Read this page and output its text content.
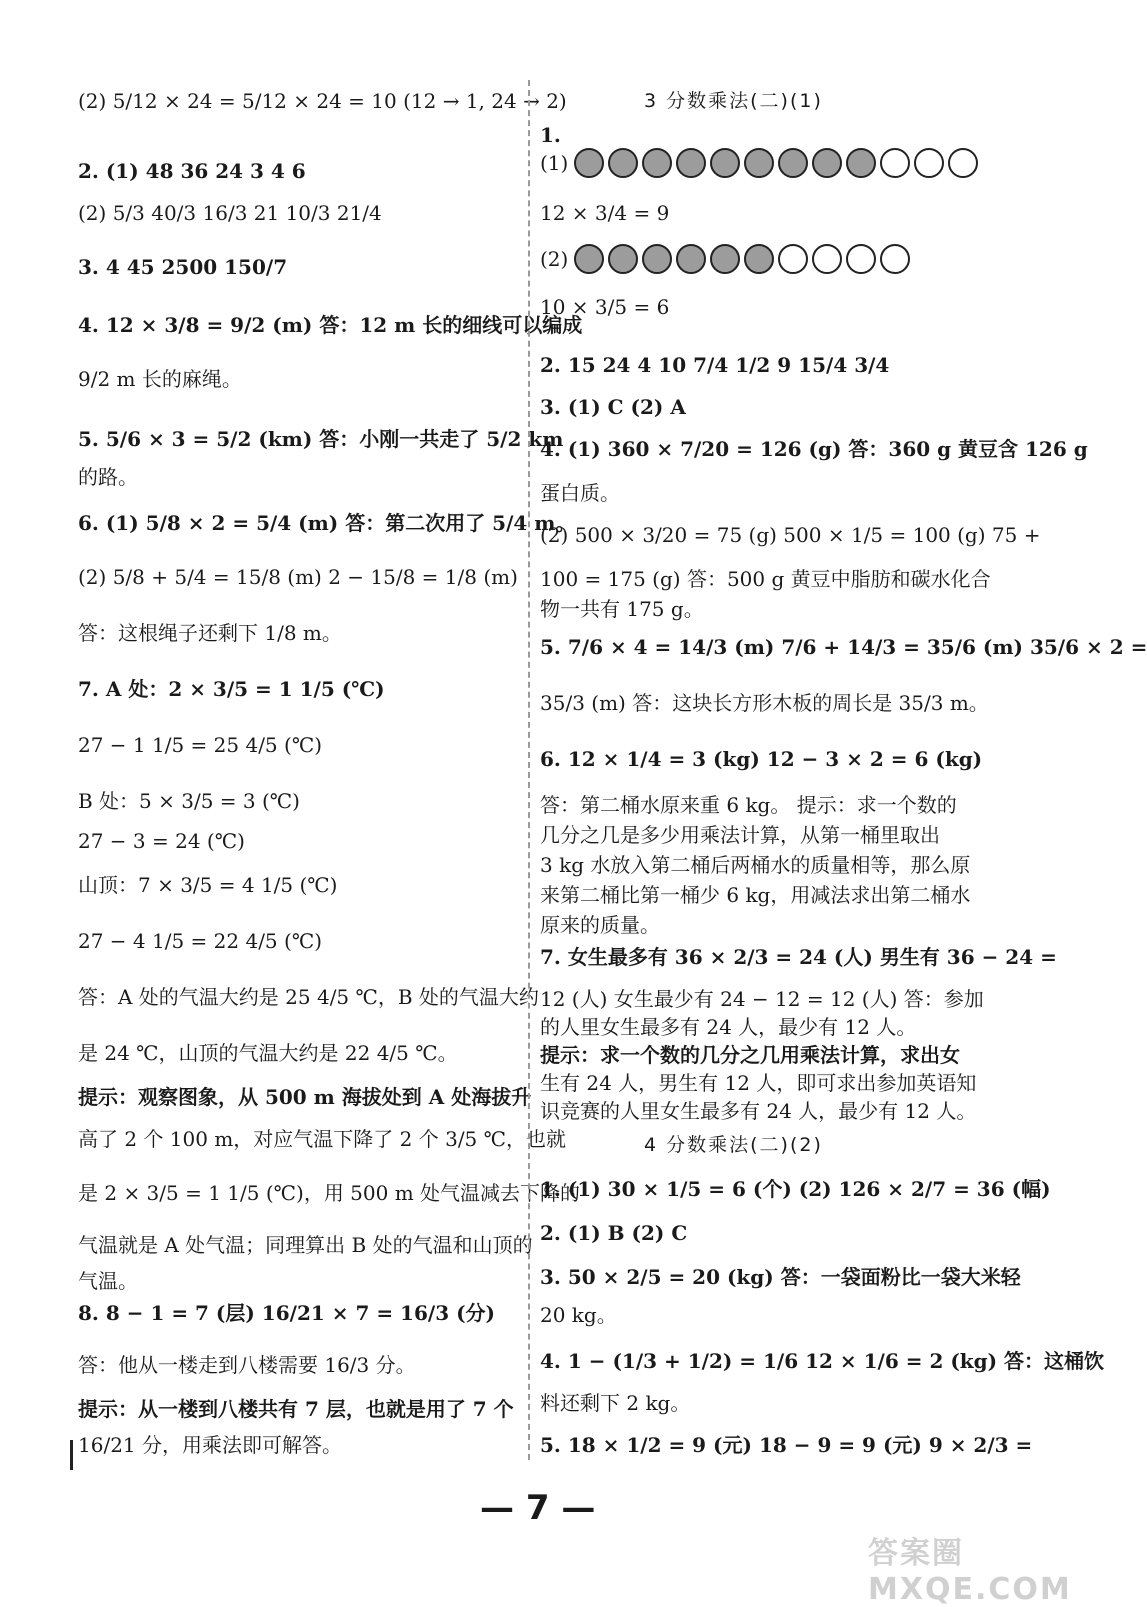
(2) 5/12 × 24 = 5/12 × 24 = 10 (12 → 1, 24 → 2)
2. (1) 48 36 24 3 4 6
(2) 5/3 40/3 16/3 21 10/3 21/4
3. 4 45 2500 150/7
4. 12 × 3/8 = 9/2 (m) 答：12 m 长的细线可以编成
9/2 m 长的麻绳。
5. 5/6 × 3 = 5/2 (km) 答：小刚一共走了 5/2 km
的路。
6. (1) 5/8 × 2 = 5/4 (m) 答：第二次用了 5/4 m。
(2) 5/8 + 5/4 = 15/8 (m) 2 − 15/8 = 1/8 (m)
答：这根绳子还剩下 1/8 m。
7. A 处：2 × 3/5 = 1 1/5 (℃)
27 − 1 1/5 = 25 4/5 (℃)
B 处：5 × 3/5 = 3 (℃)
27 − 3 = 24 (℃)
山顶：7 × 3/5 = 4 1/5 (℃)
27 − 4 1/5 = 22 4/5 (℃)
答：A 处的气温大约是 25 4/5 ℃，B 处的气温大约
是 24 ℃，山顶的气温大约是 22 4/5 ℃。
提示：观察图象，从 500 m 海拔处到 A 处海拔升
高了 2 个 100 m，对应气温下降了 2 个 3/5 ℃，也就
是 2 × 3/5 = 1 1/5 (℃)，用 500 m 处气温减去下降的
气温就是 A 处气温；同理算出 B 处的气温和山顶的
气温。
8. 8 − 1 = 7 (层) 16/21 × 7 = 16/3 (分)
答：他从一楼走到八楼需要 16/3 分。
提示：从一楼到八楼共有 7 层，也就是用了 7 个
16/21 分，用乘法即可解答。
3 分数乘法(二)(1)
1.
(1)
12 × 3/4 = 9
(2)
10 × 3/5 = 6
2. 15 24 4 10 7/4 1/2 9 15/4 3/4
3. (1) C (2) A
4. (1) 360 × 7/20 = 126 (g) 答：360 g 黄豆含 126 g
蛋白质。
(2) 500 × 3/20 = 75 (g) 500 × 1/5 = 100 (g) 75 +
100 = 175 (g) 答：500 g 黄豆中脂肪和碳水化合
物一共有 175 g。
5. 7/6 × 4 = 14/3 (m) 7/6 + 14/3 = 35/6 (m) 35/6 × 2 =
35/3 (m) 答：这块长方形木板的周长是 35/3 m。
6. 12 × 1/4 = 3 (kg) 12 − 3 × 2 = 6 (kg)
答：第二桶水原来重 6 kg。 提示：求一个数的
几分之几是多少用乘法计算，从第一桶里取出
3 kg 水放入第二桶后两桶水的质量相等，那么原
来第二桶比第一桶少 6 kg，用减法求出第二桶水
原来的质量。
7. 女生最多有 36 × 2/3 = 24 (人) 男生有 36 − 24 =
12 (人) 女生最少有 24 − 12 = 12 (人) 答：参加
的人里女生最多有 24 人，最少有 12 人。
提示：求一个数的几分之几用乘法计算，求出女
生有 24 人，男生有 12 人，即可求出参加英语知
识竞赛的人里女生最多有 24 人，最少有 12 人。
4 分数乘法(二)(2)
1. (1) 30 × 1/5 = 6 (个) (2) 126 × 2/7 = 36 (幅)
2. (1) B (2) C
3. 50 × 2/5 = 20 (kg) 答：一袋面粉比一袋大米轻
20 kg。
4. 1 − (1/3 + 1/2) = 1/6 12 × 1/6 = 2 (kg) 答：这桶饮
料还剩下 2 kg。
5. 18 × 1/2 = 9 (元) 18 − 9 = 9 (元) 9 × 2/3 =
— 7 —
答案圈 MXQE.COM
